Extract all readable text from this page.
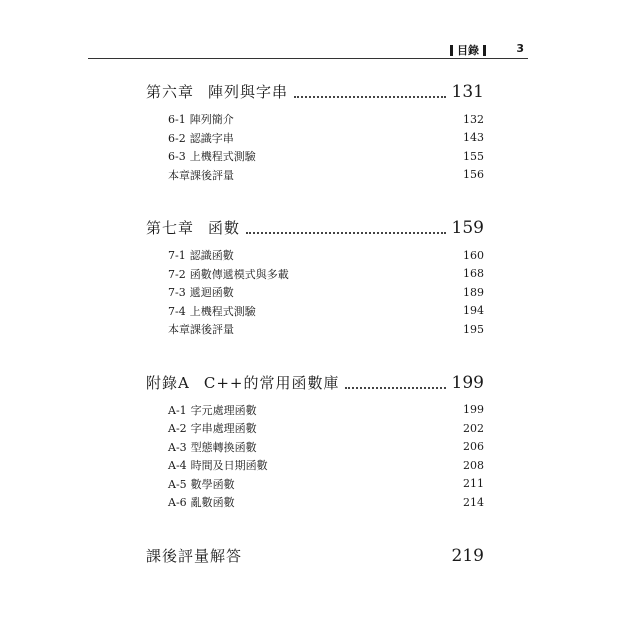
目錄	3
第六章 陣列與字串	131
6-1 陣列簡介	132
6-2 認識字串	143
6-3 上機程式測驗	155
本章課後評量	156
第七章 函數	159
7-1 認識函數	160
7-2 函數傳遞模式與多載	168
7-3 遞迴函數	189
7-4 上機程式測驗	194
本章課後評量	195
附錄A C++的常用函數庫	199
A-1 字元處理函數	199
A-2 字串處理函數	202
A-3 型態轉換函數	206
A-4 時間及日期函數	208
A-5 數學函數	211
A-6 亂數函數	214
課後評量解答	219
